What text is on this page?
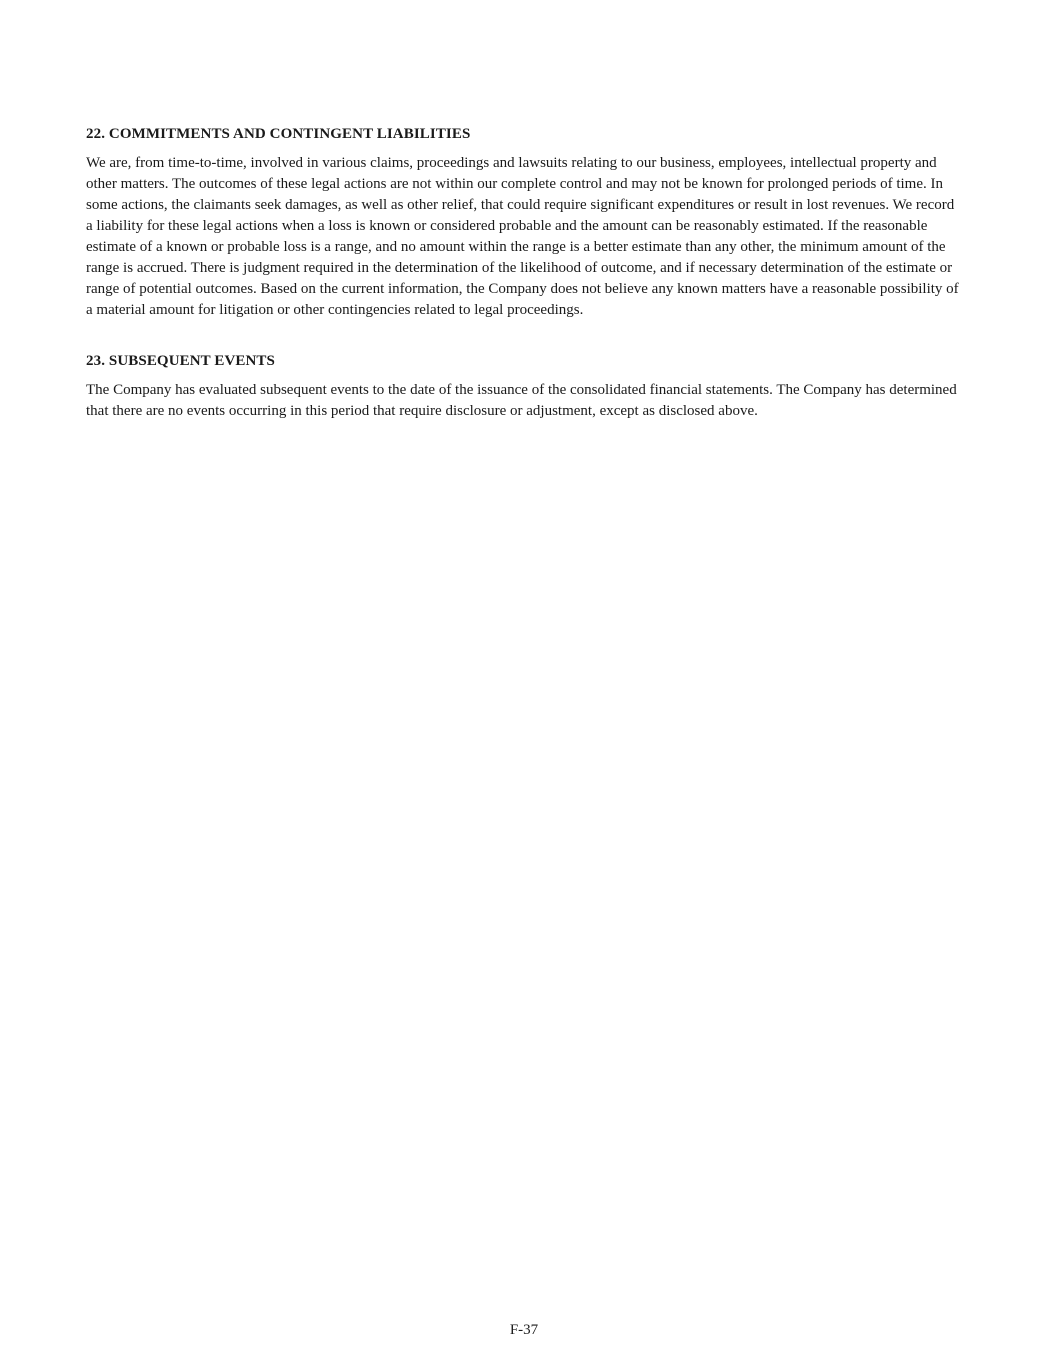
22. COMMITMENTS AND CONTINGENT LIABILITIES

We are, from time-to-time, involved in various claims, proceedings and lawsuits relating to our business, employees, intellectual property and other matters. The outcomes of these legal actions are not within our complete control and may not be known for prolonged periods of time. In some actions, the claimants seek damages, as well as other relief, that could require significant expenditures or result in lost revenues. We record a liability for these legal actions when a loss is known or considered probable and the amount can be reasonably estimated. If the reasonable estimate of a known or probable loss is a range, and no amount within the range is a better estimate than any other, the minimum amount of the range is accrued. There is judgment required in the determination of the likelihood of outcome, and if necessary determination of the estimate or range of potential outcomes. Based on the current information, the Company does not believe any known matters have a reasonable possibility of a material amount for litigation or other contingencies related to legal proceedings.

23. SUBSEQUENT EVENTS

The Company has evaluated subsequent events to the date of the issuance of the consolidated financial statements. The Company has determined that there are no events occurring in this period that require disclosure or adjustment, except as disclosed above.

F-37
